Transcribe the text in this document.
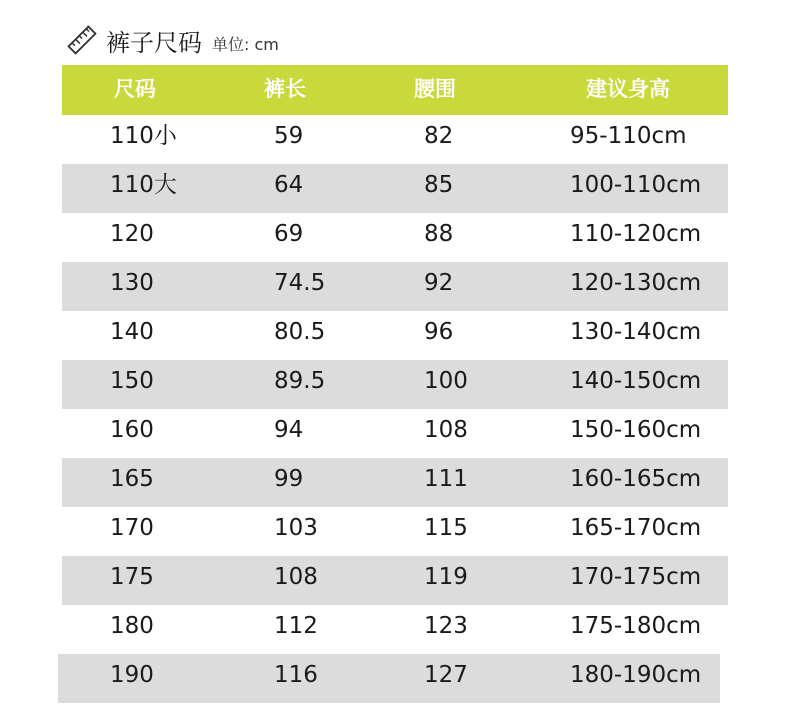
裤子尺码 单位: cm
尺码	裤长	腰围	建议身高
110小	59	82	95-110cm
110大	64	85	100-110cm
120	69	88	110-120cm
130	74.5	92	120-130cm
140	80.5	96	130-140cm
150	89.5	100	140-150cm
160	94	108	150-160cm
165	99	111	160-165cm
170	103	115	165-170cm
175	108	119	170-175cm
180	112	123	175-180cm
190	116	127	180-190cm
